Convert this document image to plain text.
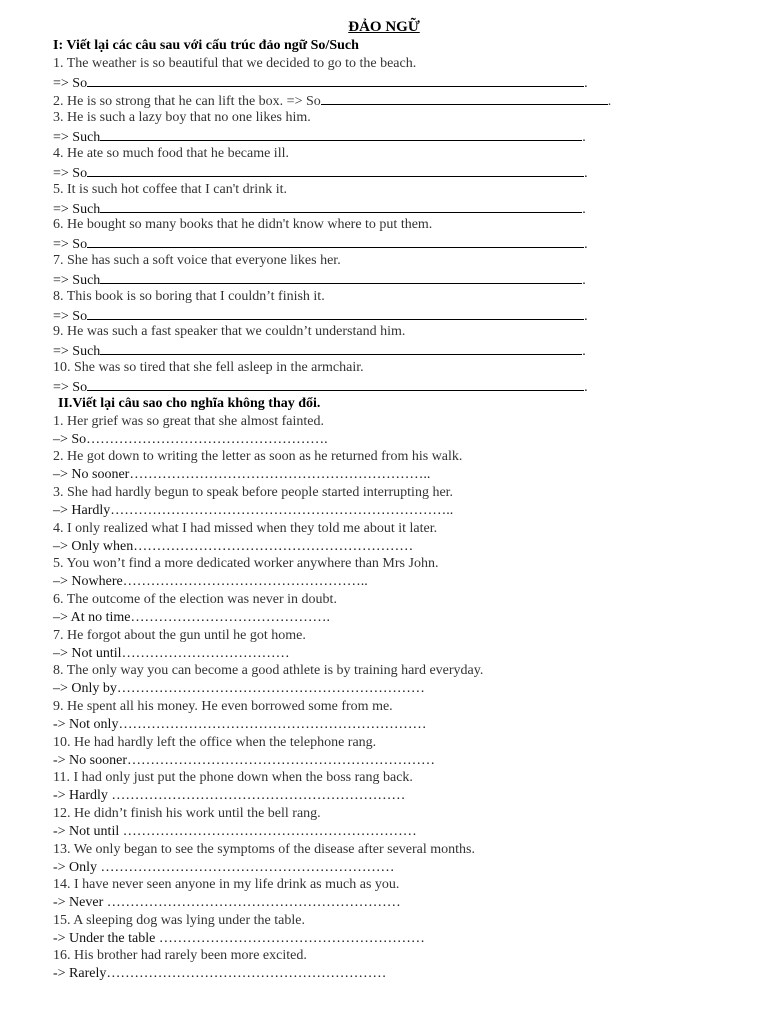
ĐẢO NGỮ
I: Viết lại các câu sau với cấu trúc đảo ngữ So/Such
1. The weather is so beautiful that we decided to go to the beach.
=> So	.
2. He is so strong that he can lift the box. => So	.
3. He is such a lazy boy that no one likes him.
=> Such	.
4. He ate so much food that he became ill.
=> So	.
5. It is such hot coffee that I can't drink it.
=> Such	.
6. He bought so many books that he didn't know where to put them.
=> So	.
7. She has such a soft voice that everyone likes her.
=> Such	.
8. This book is so boring that I couldn’t finish it.
=> So	.
9. He was such a fast speaker that we couldn’t understand him.
=> Such	.
10. She was so tired that she fell asleep in the armchair.
=> So	.
II.Viết lại câu sao cho nghĩa không thay đổi.
1. Her grief was so great that she almost fainted.
–> So…………………………………………….
2. He got down to writing the letter as soon as he returned from his walk.
–> No sooner………………………………………………………..
3. She had hardly begun to speak before people started interrupting her.
–> Hardly………………………………………………………………..
4. I only realized what I had missed when they told me about it later.
–> Only when……………………………………………………
5. You won’t find a more dedicated worker anywhere than Mrs John.
–> Nowhere……………………………………………..
6. The outcome of the election was never in doubt.
–> At no time…………………………………….
7. He forgot about the gun until he got home.
–> Not until………………………………
8. The only way you can become a good athlete is by training hard everyday.
–> Only by…………………………………………………………
9. He spent all his money. He even borrowed some from me.
-> Not only…………………………………………………………
10. He had hardly left the office when the telephone rang.
-> No sooner…………………………………………………………
11. I had only just put the phone down when the boss rang back.
-> Hardly ………………………………………………………
12. He didn’t finish his work until the bell rang.
-> Not until ………………………………………………………
13. We only began to see the symptoms of the disease after several months.
-> Only ………………………………………………………
14. I have never seen anyone in my life drink as much as you.
-> Never ………………………………………………………
15. A sleeping dog was lying under the table.
-> Under the table …………………………………………………
16. His brother had rarely been more excited.
-> Rarely……………………………………………………
